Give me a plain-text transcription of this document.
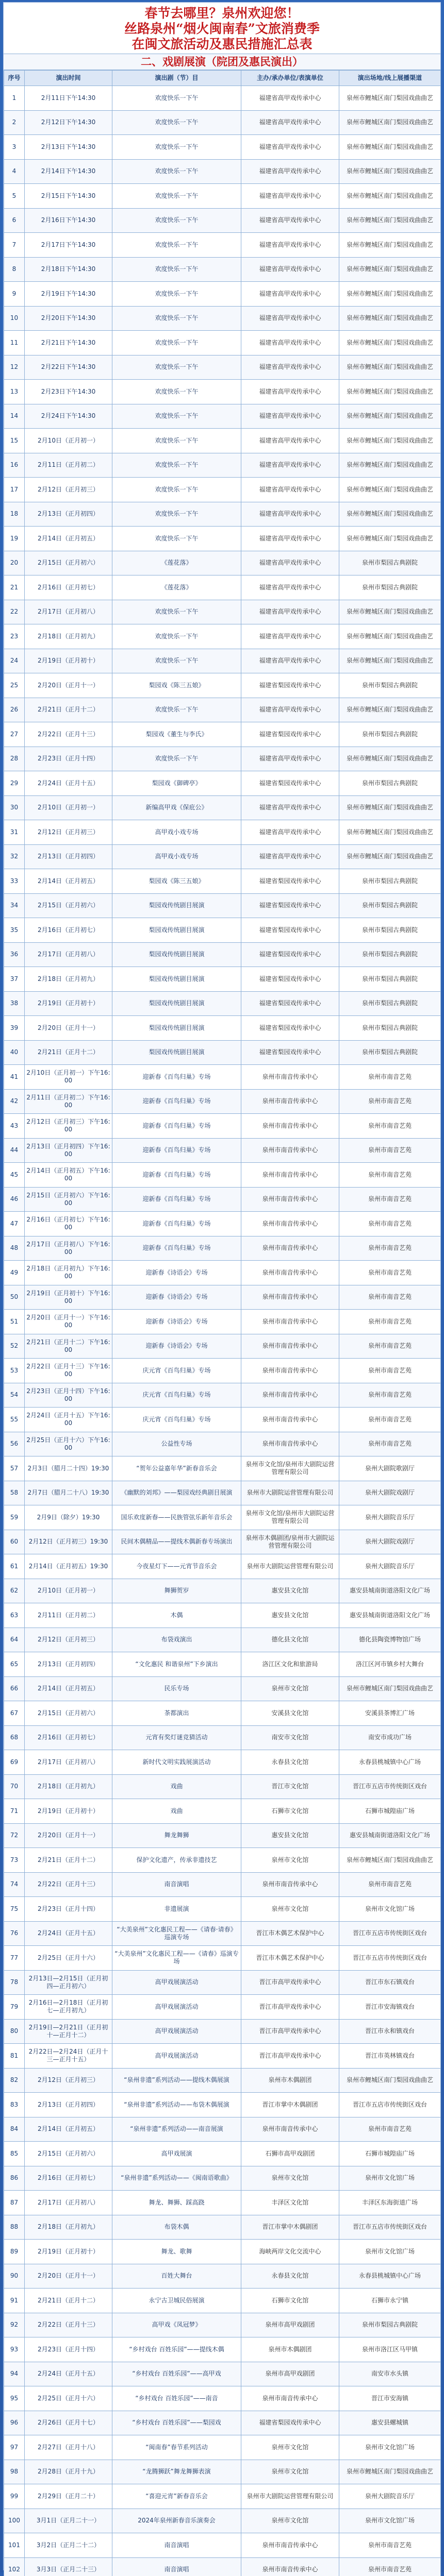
春节去哪里？泉州欢迎您！
丝路泉州“烟火闽南春”文旅消费季
在闽文旅活动及惠民措施汇总表
二、戏剧展演（院团及惠民演出）
序号	演出时间	演出剧（节）目	主办/承办单位/表演单位	演出场地/线上展播渠道
1	2月11日下午14:30	欢度快乐一下午	福建省高甲戏传承中心	泉州市鲤城区南门梨园戏曲曲艺
2	2月12日下午14:30	欢度快乐一下午	福建省高甲戏传承中心	泉州市鲤城区南门梨园戏曲曲艺
3	2月13日下午14:30	欢度快乐一下午	福建省高甲戏传承中心	泉州市鲤城区南门梨园戏曲曲艺
4	2月14日下午14:30	欢度快乐一下午	福建省高甲戏传承中心	泉州市鲤城区南门梨园戏曲曲艺
5	2月15日下午14:30	欢度快乐一下午	福建省高甲戏传承中心	泉州市鲤城区南门梨园戏曲曲艺
6	2月16日下午14:30	欢度快乐一下午	福建省高甲戏传承中心	泉州市鲤城区南门梨园戏曲曲艺
7	2月17日下午14:30	欢度快乐一下午	福建省高甲戏传承中心	泉州市鲤城区南门梨园戏曲曲艺
8	2月18日下午14:30	欢度快乐一下午	福建省高甲戏传承中心	泉州市鲤城区南门梨园戏曲曲艺
9	2月19日下午14:30	欢度快乐一下午	福建省高甲戏传承中心	泉州市鲤城区南门梨园戏曲曲艺
10	2月20日下午14:30	欢度快乐一下午	福建省高甲戏传承中心	泉州市鲤城区南门梨园戏曲曲艺
11	2月21日下午14:30	欢度快乐一下午	福建省高甲戏传承中心	泉州市鲤城区南门梨园戏曲曲艺
12	2月22日下午14:30	欢度快乐一下午	福建省高甲戏传承中心	泉州市鲤城区南门梨园戏曲曲艺
13	2月23日下午14:30	欢度快乐一下午	福建省高甲戏传承中心	泉州市鲤城区南门梨园戏曲曲艺
14	2月24日下午14:30	欢度快乐一下午	福建省高甲戏传承中心	泉州市鲤城区南门梨园戏曲曲艺
15	2月10日（正月初一）	欢度快乐一下午	福建省高甲戏传承中心	泉州市鲤城区南门梨园戏曲曲艺
16	2月11日（正月初二）	欢度快乐一下午	福建省高甲戏传承中心	泉州市鲤城区南门梨园戏曲曲艺
17	2月12日（正月初三）	欢度快乐一下午	福建省高甲戏传承中心	泉州市鲤城区南门梨园戏曲曲艺
18	2月13日（正月初四）	欢度快乐一下午	福建省高甲戏传承中心	泉州市鲤城区南门梨园戏曲曲艺
19	2月14日（正月初五）	欢度快乐一下午	福建省高甲戏传承中心	泉州市鲤城区南门梨园戏曲曲艺
20	2月15日（正月初六）	《莲花落》	福建省高甲戏传承中心	泉州市梨园古典剧院
21	2月16日（正月初七）	《莲花落》	福建省高甲戏传承中心	泉州市梨园古典剧院
22	2月17日（正月初八）	欢度快乐一下午	福建省高甲戏传承中心	泉州市鲤城区南门梨园戏曲曲艺
23	2月18日（正月初九）	欢度快乐一下午	福建省高甲戏传承中心	泉州市鲤城区南门梨园戏曲曲艺
24	2月19日（正月初十）	欢度快乐一下午	福建省高甲戏传承中心	泉州市鲤城区南门梨园戏曲曲艺
25	2月20日（正月十一）	梨园戏《陈三五娘》	福建省梨园戏传承中心	泉州市梨园古典剧院
26	2月21日（正月十二）	欢度快乐一下午	福建省高甲戏传承中心	泉州市鲤城区南门梨园戏曲曲艺
27	2月22日（正月十三）	梨园戏《董生与李氏》	福建省梨园戏传承中心	泉州市梨园古典剧院
28	2月23日（正月十四）	欢度快乐一下午	福建省高甲戏传承中心	泉州市鲤城区南门梨园戏曲曲艺
29	2月24日（正月十五）	梨园戏《御碑亭》	福建省梨园戏传承中心	泉州市梨园古典剧院
30	2月10日（正月初一）	新编高甲戏《保庇公》	福建省高甲戏传承中心	泉州市鲤城区南门梨园戏曲曲艺
31	2月12日（正月初三）	高甲戏小戏专场	福建省高甲戏传承中心	泉州市鲤城区南门梨园戏曲曲艺
32	2月13日（正月初四）	高甲戏小戏专场	福建省高甲戏传承中心	泉州市鲤城区南门梨园戏曲曲艺
33	2月14日（正月初五）	梨园戏《陈三五娘》	福建省梨园戏传承中心	泉州市梨园古典剧院
34	2月15日（正月初六）	梨园戏传统剧目展演	福建省梨园戏传承中心	泉州市梨园古典剧院
35	2月16日（正月初七）	梨园戏传统剧目展演	福建省梨园戏传承中心	泉州市梨园古典剧院
36	2月17日（正月初八）	梨园戏传统剧目展演	福建省梨园戏传承中心	泉州市梨园古典剧院
37	2月18日（正月初九）	梨园戏传统剧目展演	福建省梨园戏传承中心	泉州市梨园古典剧院
38	2月19日（正月初十）	梨园戏传统剧目展演	福建省梨园戏传承中心	泉州市梨园古典剧院
39	2月20日（正月十一）	梨园戏传统剧目展演	福建省梨园戏传承中心	泉州市梨园古典剧院
40	2月21日（正月十二）	梨园戏传统剧目展演	福建省梨园戏传承中心	泉州市梨园古典剧院
41	2月10日（正月初一）下午16:00	迎新春《百鸟归巢》专场	泉州市南音传承中心	泉州市南音艺苑
42	2月11日（正月初二）下午16:00	迎新春《百鸟归巢》专场	泉州市南音传承中心	泉州市南音艺苑
43	2月12日（正月初三）下午16:00	迎新春《百鸟归巢》专场	泉州市南音传承中心	泉州市南音艺苑
44	2月13日（正月初四）下午16:00	迎新春《百鸟归巢》专场	泉州市南音传承中心	泉州市南音艺苑
45	2月14日（正月初五）下午16:00	迎新春《百鸟归巢》专场	泉州市南音传承中心	泉州市南音艺苑
46	2月15日（正月初六）下午16:00	迎新春《百鸟归巢》专场	泉州市南音传承中心	泉州市南音艺苑
47	2月16日（正月初七）下午16:00	迎新春《百鸟归巢》专场	泉州市南音传承中心	泉州市南音艺苑
48	2月17日（正月初八）下午16:00	迎新春《百鸟归巢》专场	泉州市南音传承中心	泉州市南音艺苑
49	2月18日（正月初九）下午16:00	迎新春《诗语会》专场	泉州市南音传承中心	泉州市南音艺苑
50	2月19日（正月初十）下午16:00	迎新春《诗语会》专场	泉州市南音传承中心	泉州市南音艺苑
51	2月20日（正月十一）下午16:00	迎新春《诗语会》专场	泉州市南音传承中心	泉州市南音艺苑
52	2月21日（正月十二）下午16:00	迎新春《诗语会》专场	泉州市南音传承中心	泉州市南音艺苑
53	2月22日（正月十三）下午16:00	庆元宵《百鸟归巢》专场	泉州市南音传承中心	泉州市南音艺苑
54	2月23日（正月十四）下午16:00	庆元宵《百鸟归巢》专场	泉州市南音传承中心	泉州市南音艺苑
55	2月24日（正月十五）下午16:00	庆元宵《百鸟归巢》专场	泉州市南音传承中心	泉州市南音艺苑
56	2月25日（正月十六）下午16:00	公益性专场	泉州市南音传承中心	泉州市南音艺苑
57	2月3日（腊月二十四）19:30	“贺年公益嘉年华”新春音乐会	泉州市文化馆/泉州市大剧院运营管理有限公司	泉州大剧院歌剧厅
58	2月7日（腊月二十八）19:30	《幽默的刘邦》——梨园戏经典剧目展演	泉州市大剧院运营管理有限公司	泉州大剧院戏剧厅
59	2月9日（除夕）19:30	国乐欢度新春——民族管弦乐新年音乐会	泉州市文化馆/泉州市大剧院运营管理有限公司	泉州大剧院音乐厅
60	2月12日（正月初三）19:30	民间木偶精品——提线木偶新春专场演出	泉州市木偶剧团/泉州市大剧院运营管理有限公司	泉州大剧院戏剧厅
61	2月14日（正月初五）19:30	今夜星灯下——元宵节音乐会	泉州市大剧院运营管理有限公司	泉州大剧院音乐厅
62	2月10日（正月初一）	舞狮贺岁	惠安县文化馆	惠安县城南街道洛阳文化广场
63	2月11日（正月初二）	木偶	惠安县文化馆	惠安县城南街道洛阳文化广场
64	2月12日（正月初三）	布袋戏演出	德化县文化馆	德化县陶瓷博物馆广场
65	2月13日（正月初四）	“文化惠民 和谐泉州”下乡演出	洛江区文化和旅游局	洛江区河市镇乡村大舞台
66	2月14日（正月初五）	民乐专场	泉州市文化馆	泉州市鲤城区南门梨园戏曲曲艺
67	2月15日（正月初六）	茶都演出	安溪县文化馆	安溪县茶博汇广场
68	2月16日（正月初七）	元宵有奖灯谜竞猜活动	南安市文化馆	南安市成功广场
69	2月17日（正月初八）	新时代文明实践展演活动	永春县文化馆	永春县桃城镇中心广场
70	2月18日（正月初九）	戏曲	晋江市文化馆	晋江市五店市传统街区戏台
71	2月19日（正月初十）	戏曲	石狮市文化馆	石狮市城隍庙广场
72	2月20日（正月十一）	舞龙舞狮	惠安县文化馆	惠安县城南街道洛阳文化广场
73	2月21日（正月十二）	保护文化遗产，传承非遗技艺	泉州市文化馆	泉州市鲤城区南门梨园戏曲曲艺
74	2月22日（正月十三）	南音演唱	泉州市南音传承中心	泉州市南音艺苑
75	2月23日（正月十四）	非遗展演	泉州市文化馆	泉州市文化馆广场
76	2月24日（正月十五）	“大美泉州”文化惠民工程——《请春·请春》巡演专场	晋江市木偶艺术保护中心	晋江市五店市传统街区戏台
77	2月25日（正月十六）	“大美泉州”文化惠民工程——《请春》巡演专场	晋江市木偶艺术保护中心	晋江市五店市传统街区戏台
78	2月13日—2月15日（正月初四—正月初六）	高甲戏展演活动	晋江市高甲戏传承中心	晋江市东石镇戏台
79	2月16日—2月18日（正月初七—正月初九）	高甲戏展演活动	晋江市高甲戏传承中心	晋江市安海镇戏台
80	2月19日—2月21日（正月初十—正月十二）	高甲戏展演活动	晋江市高甲戏传承中心	晋江市永和镇戏台
81	2月22日—2月24日（正月十三—正月十五）	高甲戏展演活动	晋江市高甲戏传承中心	晋江市英林镇戏台
82	2月12日（正月初三）	“泉州非遗”系列活动——提线木偶展演	泉州市木偶剧团	泉州市鲤城区南门梨园戏曲曲艺
83	2月13日（正月初四）	“泉州非遗”系列活动——布袋木偶展演	晋江市掌中木偶剧团	晋江市五店市传统街区戏台
84	2月14日（正月初五）	“泉州非遗”系列活动——南音展演	泉州市南音传承中心	泉州市南音艺苑
85	2月15日（正月初六）	高甲戏展演	石狮市高甲戏剧团	石狮市城隍庙广场
86	2月16日（正月初七）	“泉州非遗”系列活动——《闽南语歌曲》	泉州市文化馆	泉州市文化馆广场
87	2月17日（正月初八）	舞龙、舞狮、踩高跷	丰泽区文化馆	丰泽区东海街道广场
88	2月18日（正月初九）	布袋木偶	晋江市掌中木偶剧团	晋江市五店市传统街区戏台
89	2月19日（正月初十）	舞龙、歌舞	海峡两岸文化交流中心	泉州市文化馆广场
90	2月20日（正月十一）	百姓大舞台	永春县文化馆	永春县桃城镇中心广场
91	2月21日（正月十二）	永宁古卫城民俗展演	石狮市文化馆	石狮市永宁镇
92	2月22日（正月十三）	高甲戏《凤冠梦》	泉州市高甲戏剧团	泉州市梨园古典剧院
93	2月23日（正月十四）	“乡村戏台 百姓乐园”——提线木偶	泉州市木偶剧团	泉州市洛江区马甲镇
94	2月24日（正月十五）	“乡村戏台 百姓乐园”——高甲戏	泉州市高甲戏剧团	南安市水头镇
95	2月25日（正月十六）	“乡村戏台 百姓乐园”——南音	泉州市南音传承中心	晋江市安海镇
96	2月26日（正月十七）	“乡村戏台 百姓乐园”——梨园戏	福建省梨园戏传承中心	惠安县螺城镇
97	2月27日（正月十八）	“闽南春”春节系列活动	泉州市文化馆	泉州市文化馆广场
98	2月28日（正月十九）	“龙腾狮跃”舞龙舞狮表演	泉州市文化馆	泉州市鲤城区南门梨园戏曲曲艺
99	2月29日（正月二十）	“喜迎元宵”新春音乐会	泉州市大剧院运营管理有限公司	泉州大剧院音乐厅
100	3月1日（正月二十一）	2024年泉州新春音乐演奏会	泉州市文化馆	泉州市文化馆广场
101	3月2日（正月二十二）	南音演唱	泉州市南音传承中心	泉州市南音艺苑
102	3月3日（正月二十三）	南音演唱	泉州市南音传承中心	泉州市南音艺苑
